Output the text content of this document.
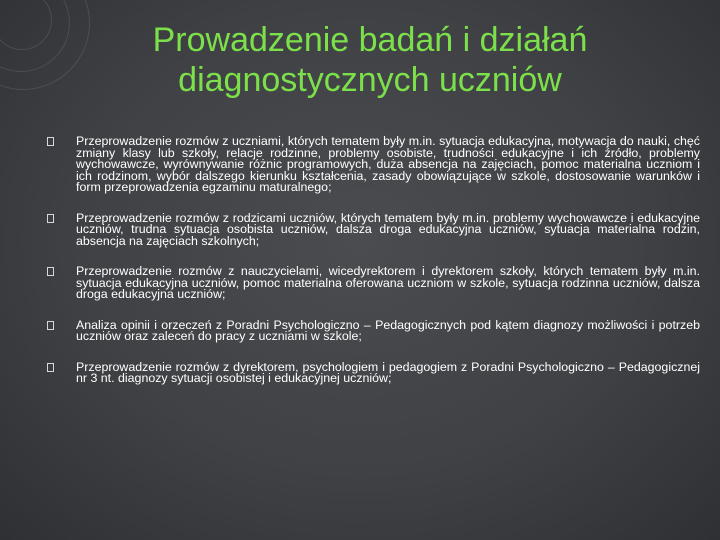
Prowadzenie badań i działań
diagnostycznych uczniów
Przeprowadzenie rozmów z uczniami, których tematem były m.in. sytuacja edukacyjna, motywacja do nauki, chęć zmiany klasy lub szkoły, relacje rodzinne, problemy osobiste, trudności edukacyjne i ich źródło, problemy wychowawcze, wyrównywanie różnic programowych, duża absencja na zajęciach, pomoc materialna uczniom i ich rodzinom, wybór dalszego kierunku kształcenia, zasady obowiązujące w szkole, dostosowanie warunków i form przeprowadzenia egzaminu maturalnego;
Przeprowadzenie rozmów z rodzicami uczniów, których tematem były m.in. problemy wychowawcze i edukacyjne uczniów, trudna sytuacja osobista uczniów, dalsza droga edukacyjna uczniów, sytuacja materialna rodzin, absencja na zajęciach szkolnych;
Przeprowadzenie rozmów z nauczycielami, wicedyrektorem i dyrektorem szkoły, których tematem były m.in. sytuacja edukacyjna uczniów, pomoc materialna oferowana uczniom w szkole, sytuacja rodzinna uczniów, dalsza droga edukacyjna uczniów;
Analiza opinii i orzeczeń z Poradni Psychologiczno – Pedagogicznych pod kątem diagnozy możliwości i potrzeb uczniów oraz zaleceń do pracy z uczniami w szkole;
Przeprowadzenie rozmów z dyrektorem, psychologiem i pedagogiem z Poradni Psychologiczno – Pedagogicznej nr 3 nt. diagnozy sytuacji osobistej i edukacyjnej uczniów;
